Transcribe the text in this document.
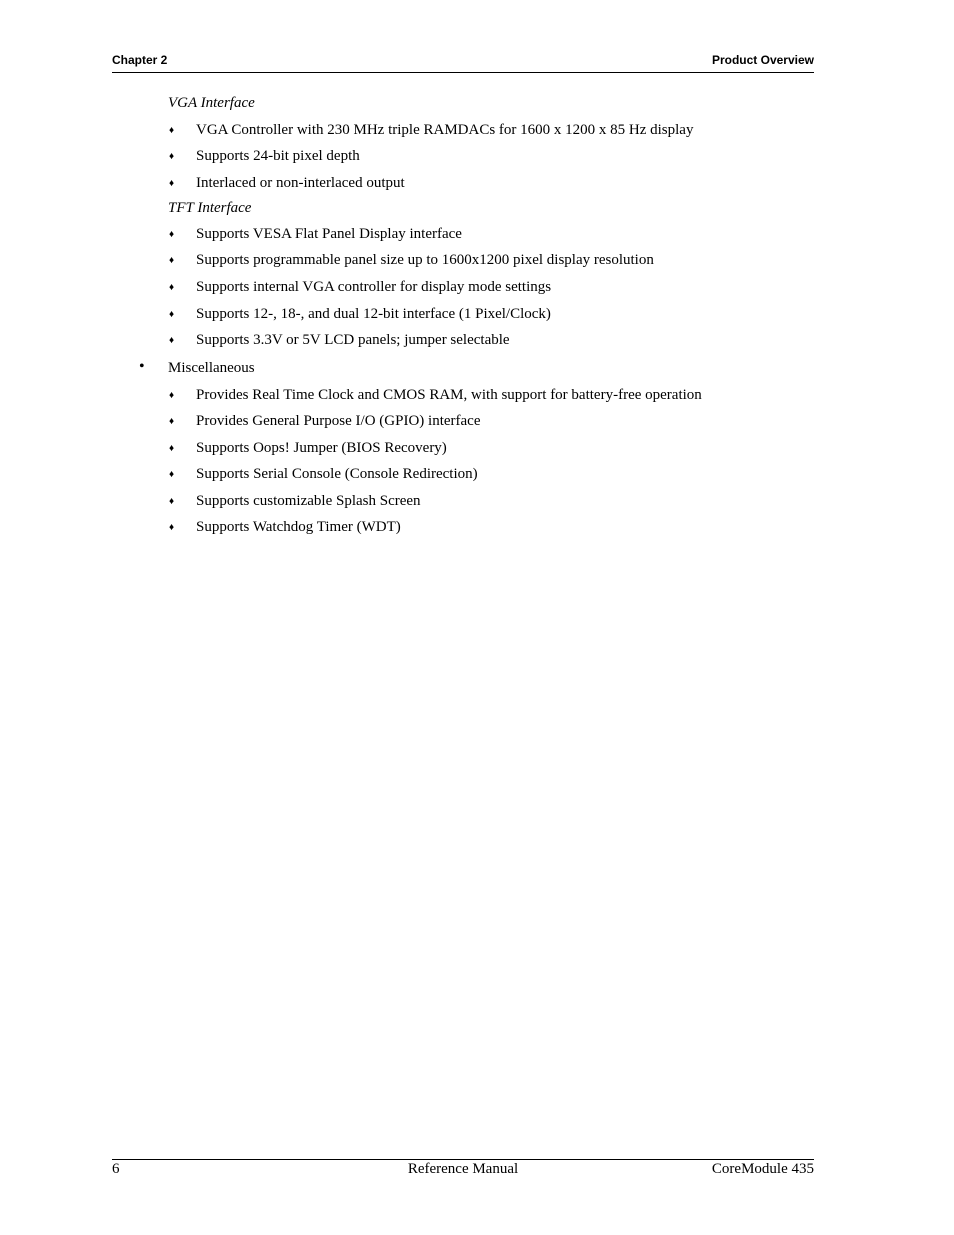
Chapter 2	Product Overview
VGA Interface
♦ VGA Controller with 230 MHz triple RAMDACs for 1600 x 1200 x 85 Hz display
♦ Supports 24-bit pixel depth
♦ Interlaced or non-interlaced output
TFT Interface
♦ Supports VESA Flat Panel Display interface
♦ Supports programmable panel size up to 1600x1200 pixel display resolution
♦ Supports internal VGA controller for display mode settings
♦ Supports 12-, 18-, and dual 12-bit interface (1 Pixel/Clock)
♦ Supports 3.3V or 5V LCD panels; jumper selectable
• Miscellaneous
♦ Provides Real Time Clock and CMOS RAM, with support for battery-free operation
♦ Provides General Purpose I/O (GPIO) interface
♦ Supports Oops! Jumper (BIOS Recovery)
♦ Supports Serial Console (Console Redirection)
♦ Supports customizable Splash Screen
♦ Supports Watchdog Timer (WDT)
6	Reference Manual	CoreModule 435
